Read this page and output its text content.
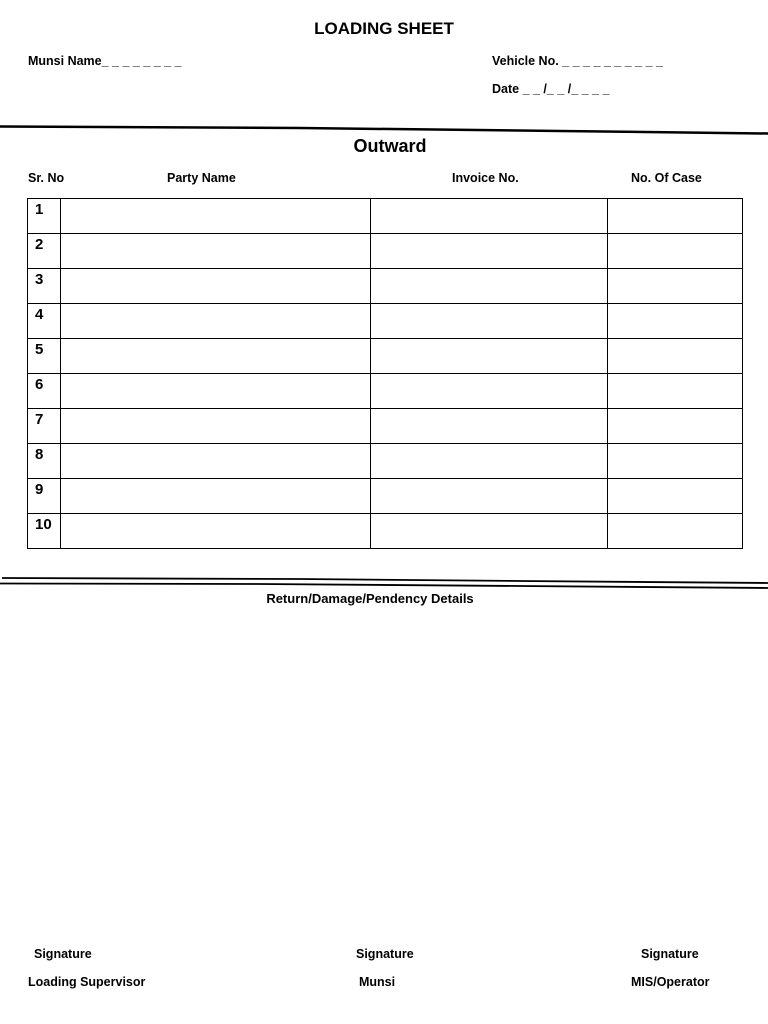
LOADING SHEET
Munsi Name_ _ _ _ _ _ _ _	Vehicle No. _ _ _ _ _ _ _ _ _ _
Date _ _ /_ _ /_ _ _ _
Outward
Sr. No	Party Name	Invoice No.	No. Of Case
1			
2			
3			
4			
5			
6			
7			
8			
9			
10			
Return/Damage/Pendency Details
Signature
Loading Supervisor
Signature
Munsi
Signature
MIS/Operator
